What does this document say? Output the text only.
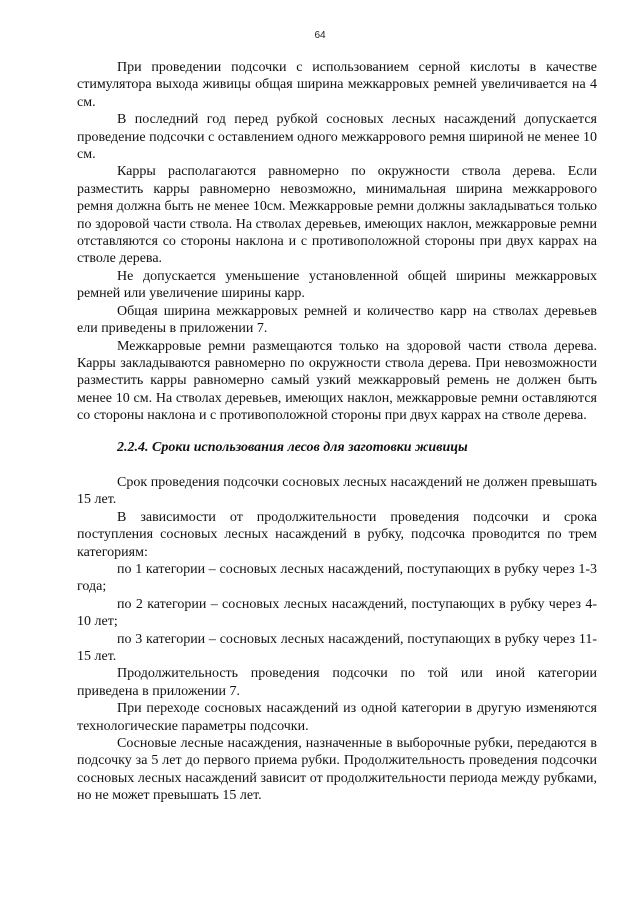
64

При проведении подсочки с использованием серной кислоты в качестве стимулятора выхода живицы общая ширина межкарровых ремней увеличивается на 4 см.

В последний год перед рубкой сосновых лесных насаждений допускается проведение подсочки с оставлением одного межкаррового ремня шириной не менее 10 см.

Карры располагаются равномерно по окружности ствола дерева. Если разместить карры равномерно невозможно, минимальная ширина межкаррового ремня должна быть не менее 10см. Межкарровые ремни должны закладываться только по здоровой части ствола. На стволах деревьев, имеющих наклон, межкарровые ремни отставляются со стороны наклона и с противоположной стороны при двух каррах на стволе дерева.

Не допускается уменьшение установленной общей ширины межкарровых ремней или увеличение ширины карр.

Общая ширина межкарровых ремней и количество карр на стволах деревьев ели приведены в приложении 7.

Межкарровые ремни размещаются только на здоровой части ствола дерева. Карры закладываются равномерно по окружности ствола дерева. При невозможности разместить карры равномерно самый узкий межкарровый ремень не должен быть менее 10 см. На стволах деревьев, имеющих наклон, межкарровые ремни оставляются со стороны наклона и с противоположной стороны при двух каррах на стволе дерева.

2.2.4. Сроки использования лесов для заготовки живицы

Срок проведения подсочки сосновых лесных насаждений не должен превышать 15 лет.

В зависимости от продолжительности проведения подсочки и срока поступления сосновых лесных насаждений в рубку, подсочка проводится по трем категориям:

по 1 категории – сосновых лесных насаждений, поступающих в рубку через 1-3 года;

по 2 категории – сосновых лесных насаждений, поступающих в рубку через 4-10 лет;

по 3 категории – сосновых лесных насаждений, поступающих в рубку через 11-15 лет.

Продолжительность проведения подсочки по той или иной категории приведена в приложении 7.

При переходе сосновых насаждений из одной категории в другую изменяются технологические параметры подсочки.

Сосновые лесные насаждения, назначенные в выборочные рубки, передаются в подсочку за 5 лет до первого приема рубки. Продолжительность проведения подсочки сосновых лесных насаждений зависит от продолжительности периода между рубками, но не может превышать 15 лет.
